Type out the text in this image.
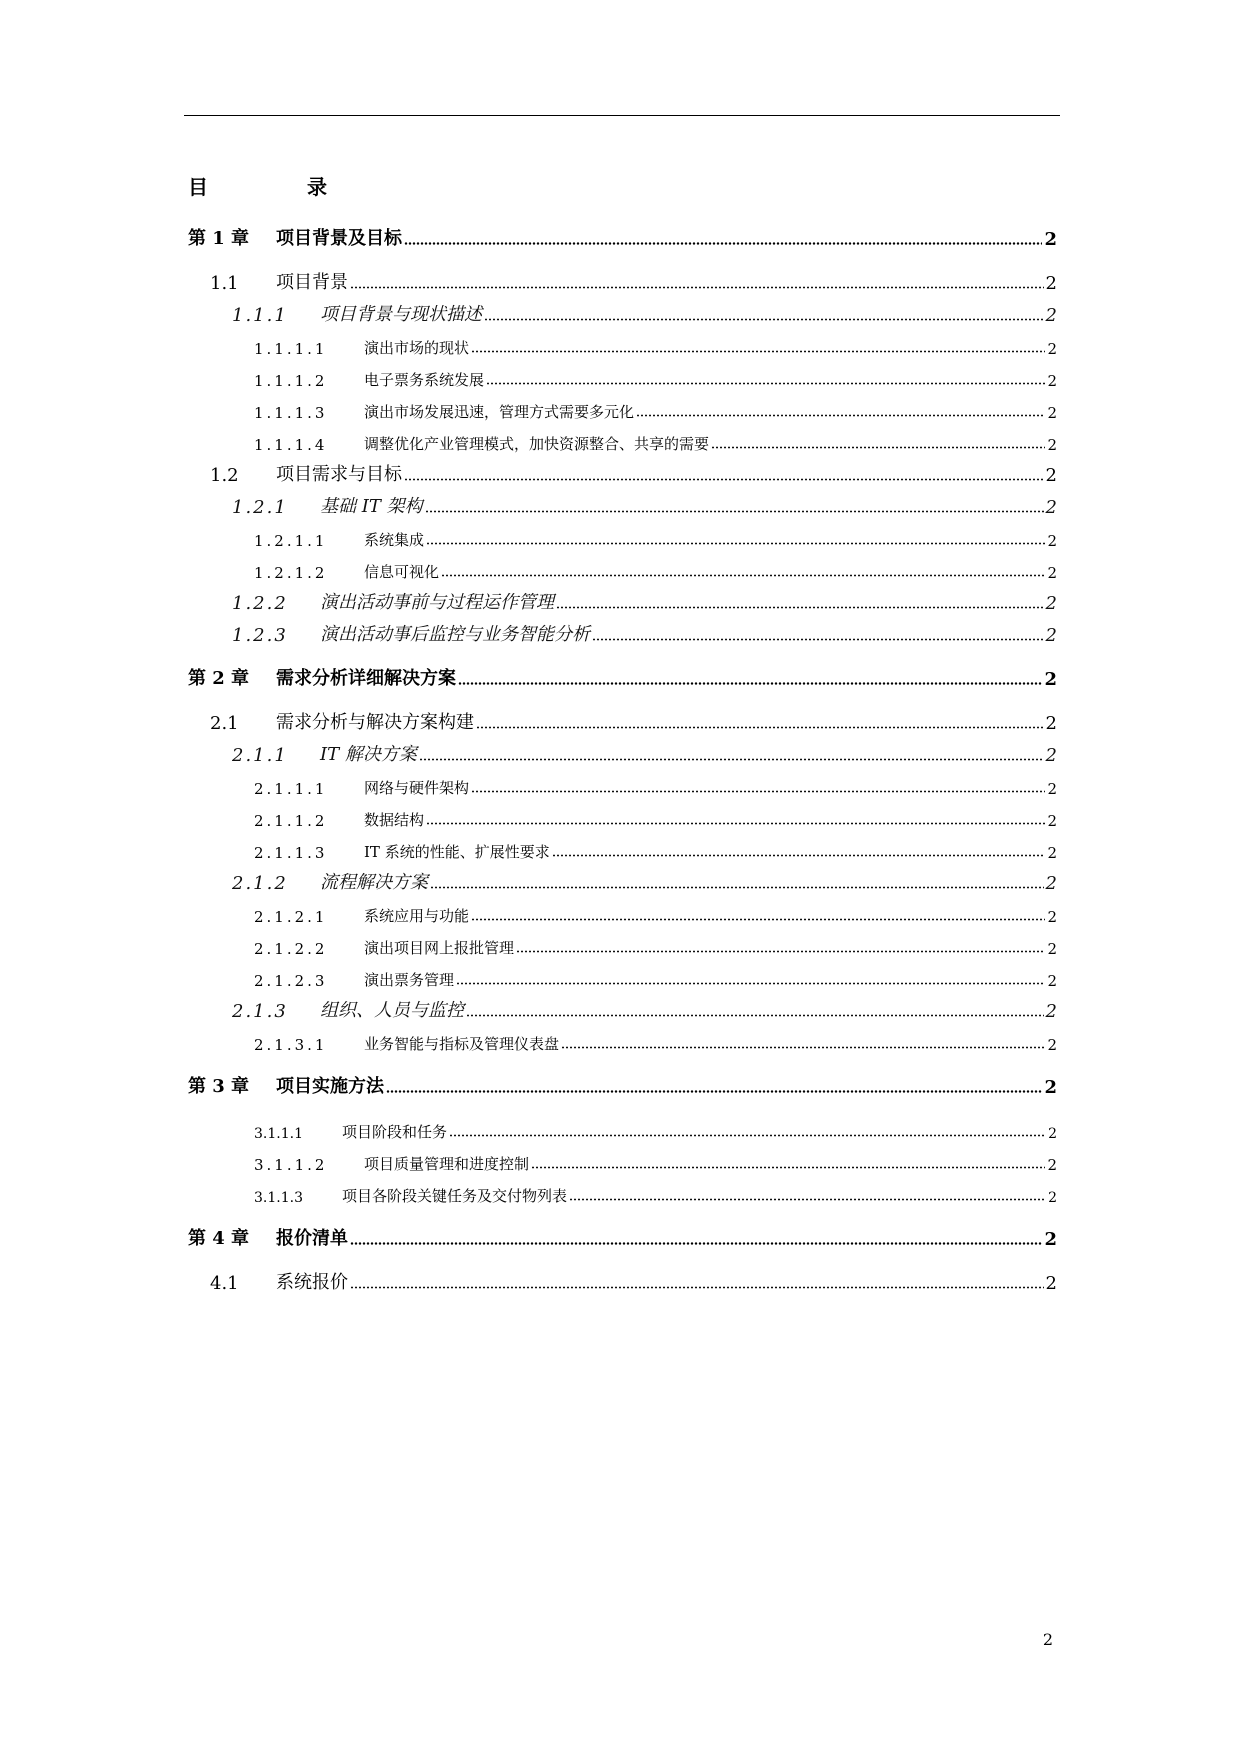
目 录
第 1 章	项目背景及目标	2
1.1	项目背景	2
1.1.1	项目背景与现状描述	2
1.1.1.1	演出市场的现状	2
1.1.1.2	电子票务系统发展	2
1.1.1.3	演出市场发展迅速，管理方式需要多元化	2
1.1.1.4	调整优化产业管理模式，加快资源整合、共享的需要	2
1.2	项目需求与目标	2
1.2.1	基础 IT 架构	2
1.2.1.1	系统集成	2
1.2.1.2	信息可视化	2
1.2.2	演出活动事前与过程运作管理	2
1.2.3	演出活动事后监控与业务智能分析	2
第 2 章	需求分析详细解决方案	2
2.1	需求分析与解决方案构建	2
2.1.1	IT 解决方案	2
2.1.1.1	网络与硬件架构	2
2.1.1.2	数据结构	2
2.1.1.3	IT 系统的性能、扩展性要求	2
2.1.2	流程解决方案	2
2.1.2.1	系统应用与功能	2
2.1.2.2	演出项目网上报批管理	2
2.1.2.3	演出票务管理	2
2.1.3	组织、人员与监控	2
2.1.3.1	业务智能与指标及管理仪表盘	2
第 3 章	项目实施方法	2
3.1.1.1	项目阶段和任务	2
3.1.1.2	项目质量管理和进度控制	2
3.1.1.3	项目各阶段关键任务及交付物列表	2
第 4 章	报价清单	2
4.1	系统报价	2
2
